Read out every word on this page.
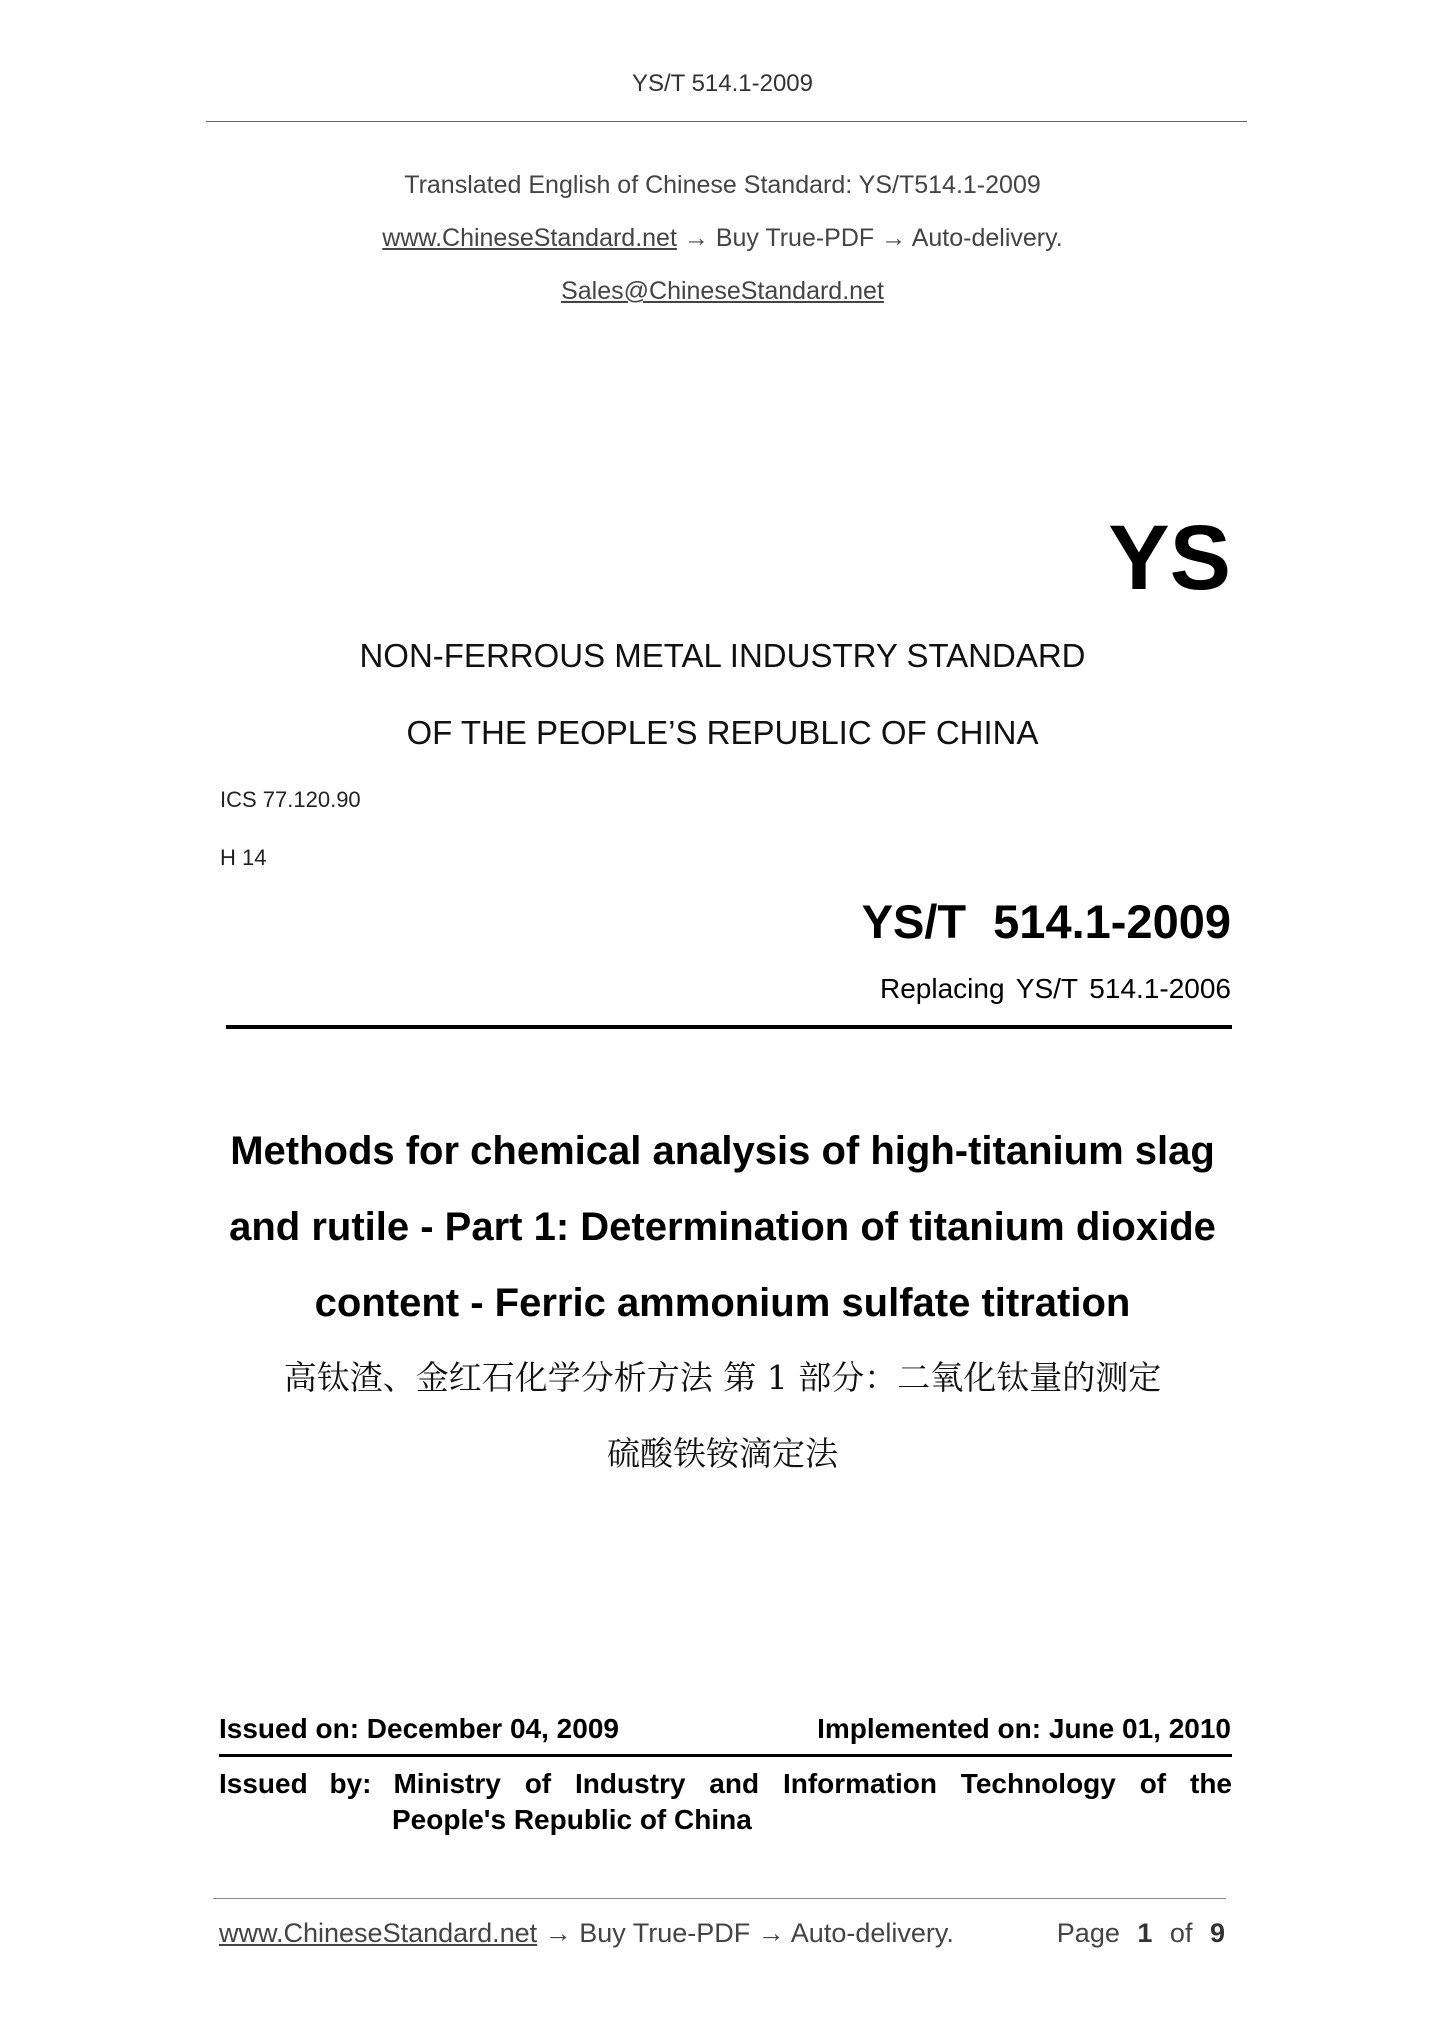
YS/T 514.1-2009
Translated English of Chinese Standard: YS/T514.1-2009
www.ChineseStandard.net → Buy True-PDF → Auto-delivery.
Sales@ChineseStandard.net
YS
NON-FERROUS METAL INDUSTRY STANDARD
OF THE PEOPLE’S REPUBLIC OF CHINA
ICS 77.120.90
H 14
YS/T 514.1-2009
Replacing YS/T 514.1-2006
Methods for chemical analysis of high-titanium slag
and rutile - Part 1: Determination of titanium dioxide
content - Ferric ammonium sulfate titration
高钛渣、金红石化学分析方法 第 1 部分：二氧化钛量的测定
硫酸铁铵滴定法
Issued on: December 04, 2009	Implemented on: June 01, 2010
Issued by: Ministry of Industry and Information Technology of the
People's Republic of China
www.ChineseStandard.net → Buy True-PDF → Auto-delivery.	Page 1 of 9
